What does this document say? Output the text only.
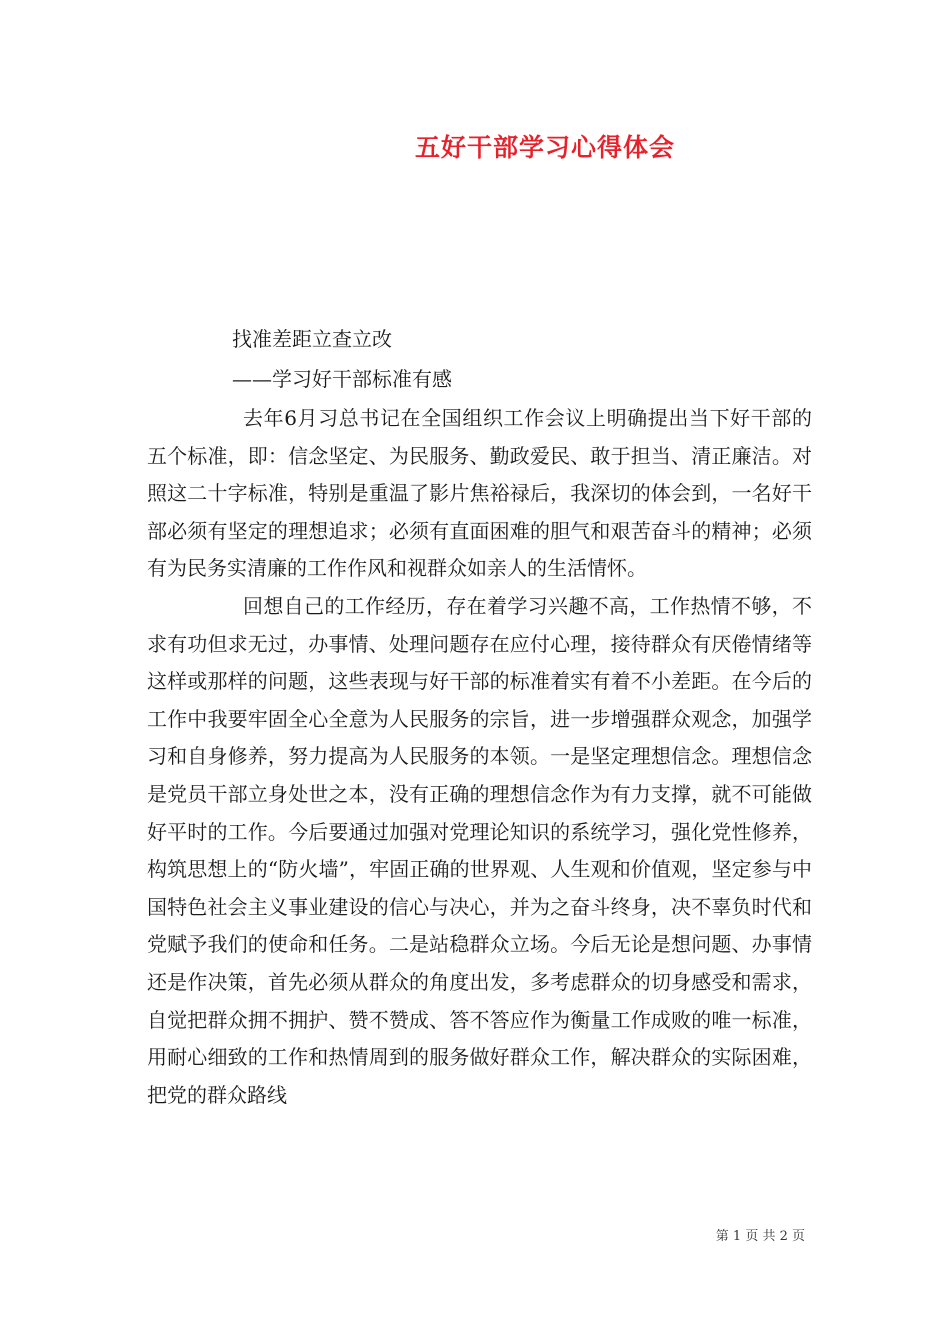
五好干部学习心得体会
找准差距立查立改
——学习好干部标准有感

去年6月习总书记在全国组织工作会议上明确提出当下好干部的五个标准，即：信念坚定、为民服务、勤政爱民、敢于担当、清正廉洁。对照这二十字标准，特别是重温了影片焦裕禄后，我深切的体会到，一名好干部必须有坚定的理想追求；必须有直面困难的胆气和艰苦奋斗的精神；必须有为民务实清廉的工作作风和视群众如亲人的生活情怀。

回想自己的工作经历，存在着学习兴趣不高，工作热情不够，不求有功但求无过，办事情、处理问题存在应付心理，接待群众有厌倦情绪等这样或那样的问题，这些表现与好干部的标准着实有着不小差距。在今后的工作中我要牢固全心全意为人民服务的宗旨，进一步增强群众观念，加强学习和自身修养，努力提高为人民服务的本领。一是坚定理想信念。理想信念是党员干部立身处世之本，没有正确的理想信念作为有力支撑，就不可能做好平时的工作。今后要通过加强对党理论知识的系统学习，强化党性修养，构筑思想上的“防火墙”，牢固正确的世界观、人生观和价值观，坚定参与中国特色社会主义事业建设的信心与决心，并为之奋斗终身，决不辜负时代和党赋予我们的使命和任务。二是站稳群众立场。今后无论是想问题、办事情还是作决策，首先必须从群众的角度出发，多考虑群众的切身感受和需求，自觉把群众拥不拥护、赞不赞成、答不答应作为衡量工作成败的唯一标准，用耐心细致的工作和热情周到的服务做好群众工作，解决群众的实际困难，把党的群众路线

第 1 页 共 2 页
